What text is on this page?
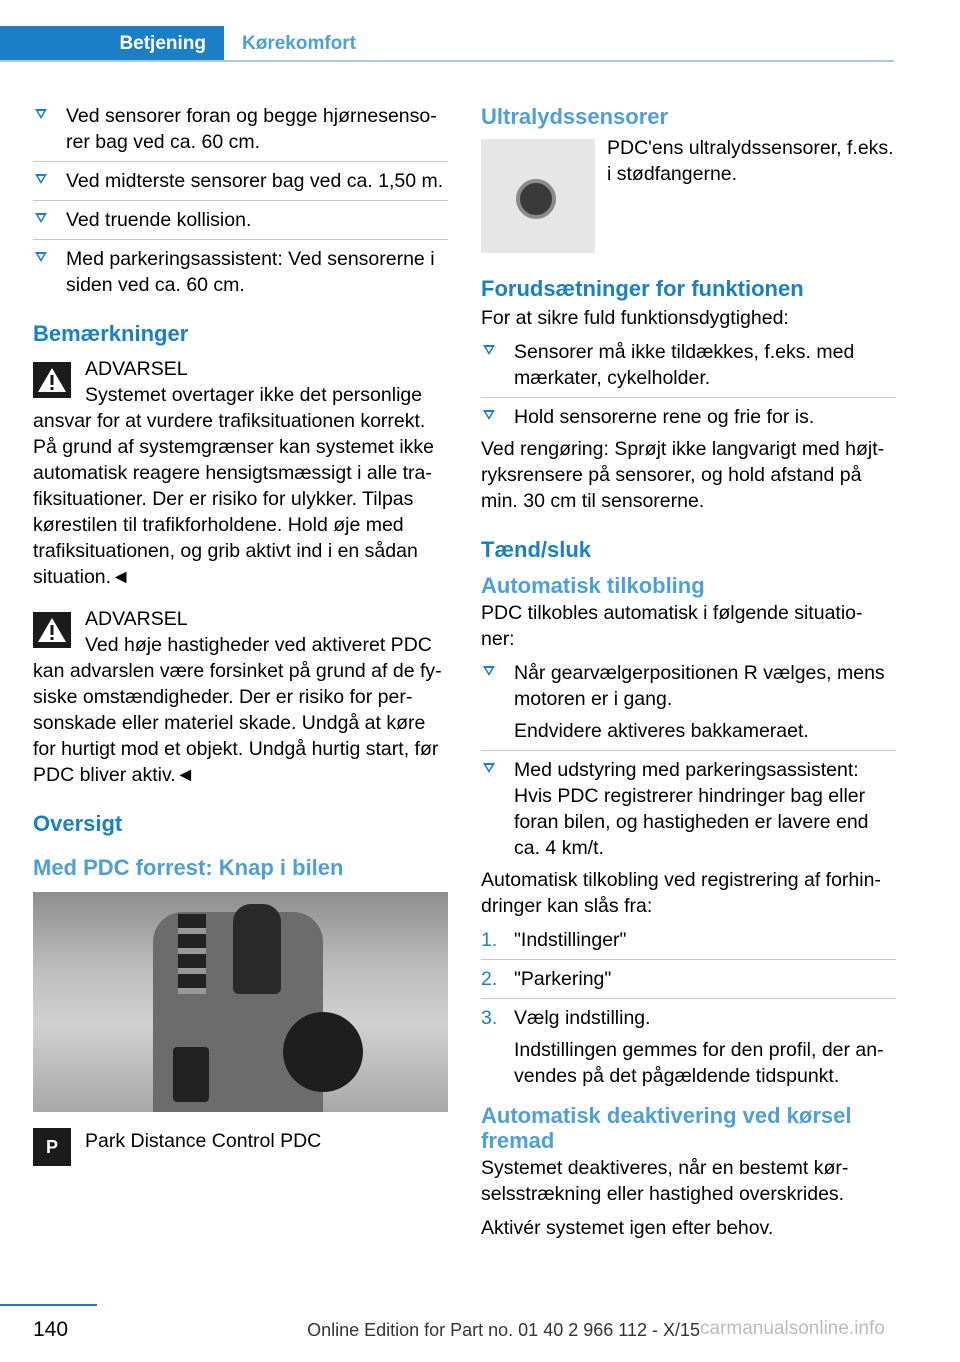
Betjening	Kørekomfort
Ved sensorer foran og begge hjørnesenso-rer bag ved ca. 60 cm.
Ved midterste sensorer bag ved ca. 1,50 m.
Ved truende kollision.
Med parkeringsassistent: Ved sensorerne i siden ved ca. 60 cm.
Bemærkninger
ADVARSEL
Systemet overtager ikke det personlige
ansvar for at vurdere trafiksituationen korrekt. På grund af systemgrænser kan systemet ikke automatisk reagere hensigtsmæssigt i alle tra-fiksituationer. Der er risiko for ulykker. Tilpas kørestilen til trafikforholdene. Hold øje med trafiksituationen, og grib aktivt ind i en sådan situation.◄
ADVARSEL
Ved høje hastigheder ved aktiveret PDC
kan advarslen være forsinket på grund af de fy-siske omstændigheder. Der er risiko for per-sonskade eller materiel skade. Undgå at køre for hurtigt mod et objekt. Undgå hurtig start, før PDC bliver aktiv.◄
Oversigt
Med PDC forrest: Knap i bilen
P Park Distance Control PDC
Ultralydssensorer
PDC'ens ultralydssensorer, f.eks. i stødfangerne.
Forudsætninger for funktionen

For at sikre fuld funktionsdygtighed:

Sensorer må ikke tildækkes, f.eks. med mærkater, cykelholder.
Hold sensorerne rene og frie for is.

Ved rengøring: Sprøjt ikke langvarigt med højt-ryksrensere på sensorer, og hold afstand på min. 30 cm til sensorerne.

Tænd/sluk
Automatisk tilkobling

PDC tilkobles automatisk i følgende situatio-ner:

Når gearvælgerpositionen R vælges, mens motoren er i gang.
Endvidere aktiveres bakkameraet.
Med udstyring med parkeringsassistent: Hvis PDC registrerer hindringer bag eller foran bilen, og hastigheden er lavere end ca. 4 km/t.

Automatisk tilkobling ved registrering af forhin-dringer kan slås fra:

1. "Indstillinger"
2. "Parkering"
3. Vælg indstilling.
Indstillingen gemmes for den profil, der an-vendes på det pågældende tidspunkt.
Automatisk deaktivering ved kørsel fremad

Systemet deaktiveres, når en bestemt kør-selsstrækning eller hastighed overskrides.

Aktivér systemet igen efter behov.

140	Online Edition for Part no. 01 40 2 966 112 - X/15 carmanualsonline.info
